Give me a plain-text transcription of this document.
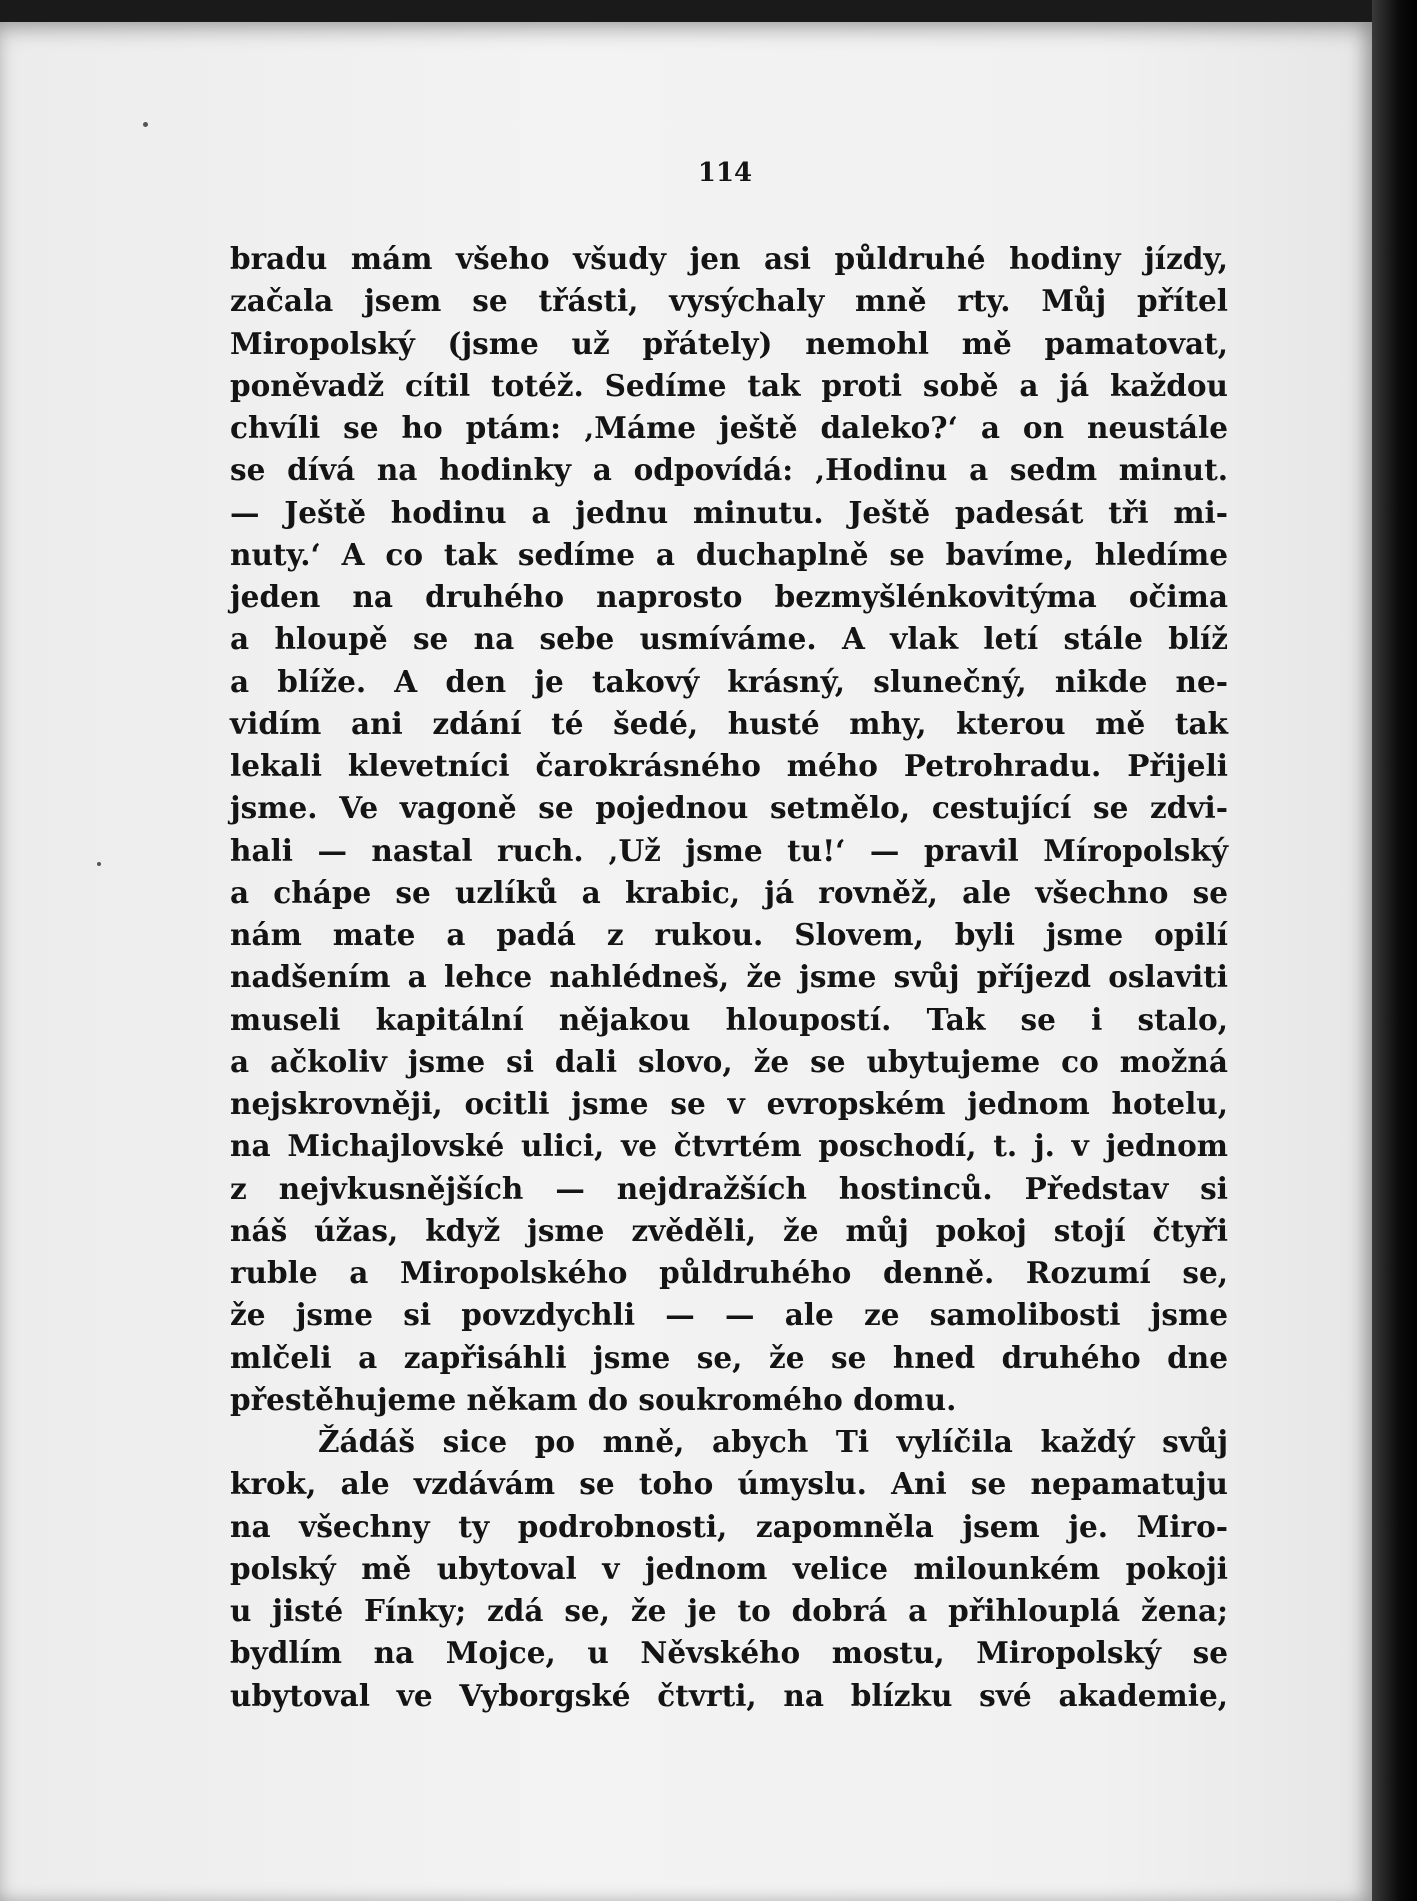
114
bradu mám všeho všudy jen asi půldruhé hodiny jízdy,
začala jsem se třásti, vysýchaly mně rty. Můj přítel
Miropolský (jsme už přátely) nemohl mě pamatovat,
poněvadž cítil totéž. Sedíme tak proti sobě a já každou
chvíli se ho ptám: ‚Máme ještě daleko?‘ a on neustále
se dívá na hodinky a odpovídá: ‚Hodinu a sedm minut.
— Ještě hodinu a jednu minutu. Ještě padesát tři mi-
nuty.‘ A co tak sedíme a duchaplně se bavíme, hledíme
jeden na druhého naprosto bezmyšlénkovitýma očima
a hloupě se na sebe usmíváme. A vlak letí stále blíž
a blíže. A den je takový krásný, slunečný, nikde ne-
vidím ani zdání té šedé, husté mhy, kterou mě tak
lekali klevetníci čarokrásného mého Petrohradu. Přijeli
jsme. Ve vagoně se pojednou setmělo, cestující se zdvi-
hali — nastal ruch. ‚Už jsme tu!‘ — pravil Míropolský
a chápe se uzlíků a krabic, já rovněž, ale všechno se
nám mate a padá z rukou. Slovem, byli jsme opilí
nadšením a lehce nahlédneš, že jsme svůj příjezd oslaviti
museli kapitální nějakou hloupostí. Tak se i stalo,
a ačkoliv jsme si dali slovo, že se ubytujeme co možná
nejskrovněji, ocitli jsme se v evropském jednom hotelu,
na Michajlovské ulici, ve čtvrtém poschodí, t. j. v jednom
z nejvkusnějších — nejdražších hostinců. Představ si
náš úžas, když jsme zvěděli, že můj pokoj stojí čtyři
ruble a Miropolského půldruhého denně. Rozumí se,
že jsme si povzdychli — — ale ze samolibosti jsme
mlčeli a zapřisáhli jsme se, že se hned druhého dne
přestěhujeme někam do soukromého domu.
Žádáš sice po mně, abych Ti vylíčila každý svůj
krok, ale vzdávám se toho úmyslu. Ani se nepamatuju
na všechny ty podrobnosti, zapomněla jsem je. Miro-
polský mě ubytoval v jednom velice milounkém pokoji
u jisté Fínky; zdá se, že je to dobrá a přihlouplá žena;
bydlím na Mojce, u Něvského mostu, Miropolský se
ubytoval ve Vyborgské čtvrti, na blízku své akademie,
